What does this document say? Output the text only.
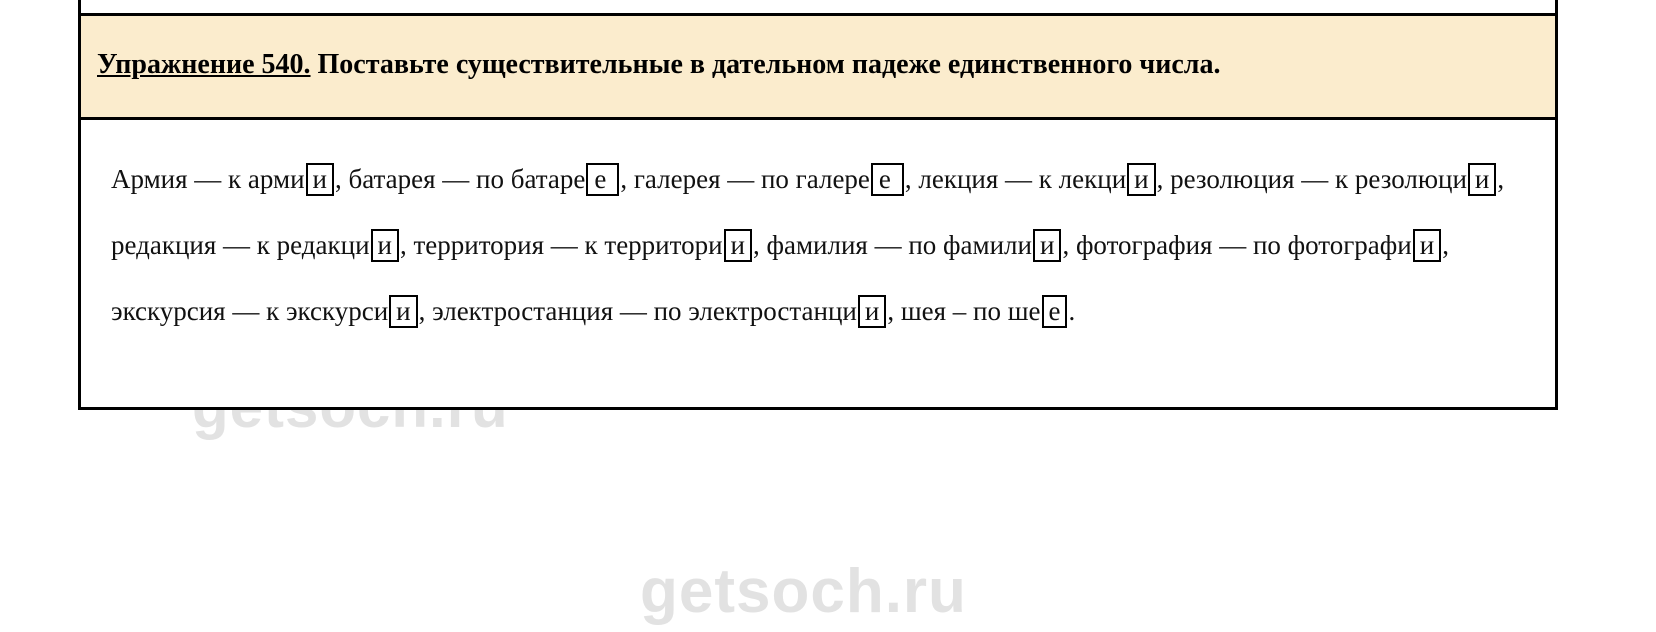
getsoch.ru

Упражнение 540. Поставьте существительные в дательном падеже единственного числа.

Армия — к арми и , батарея — по батаре е , галерея — по галере е , лекция — к лекци и , резолюция — к резолюци и , редакция — к редакци и , территория — к территори и , фамилия — по фамили и , фотография — по фотографи и , экскурсия — к экскурси и , электростанция — по электростанци и , шея – по ше е .
